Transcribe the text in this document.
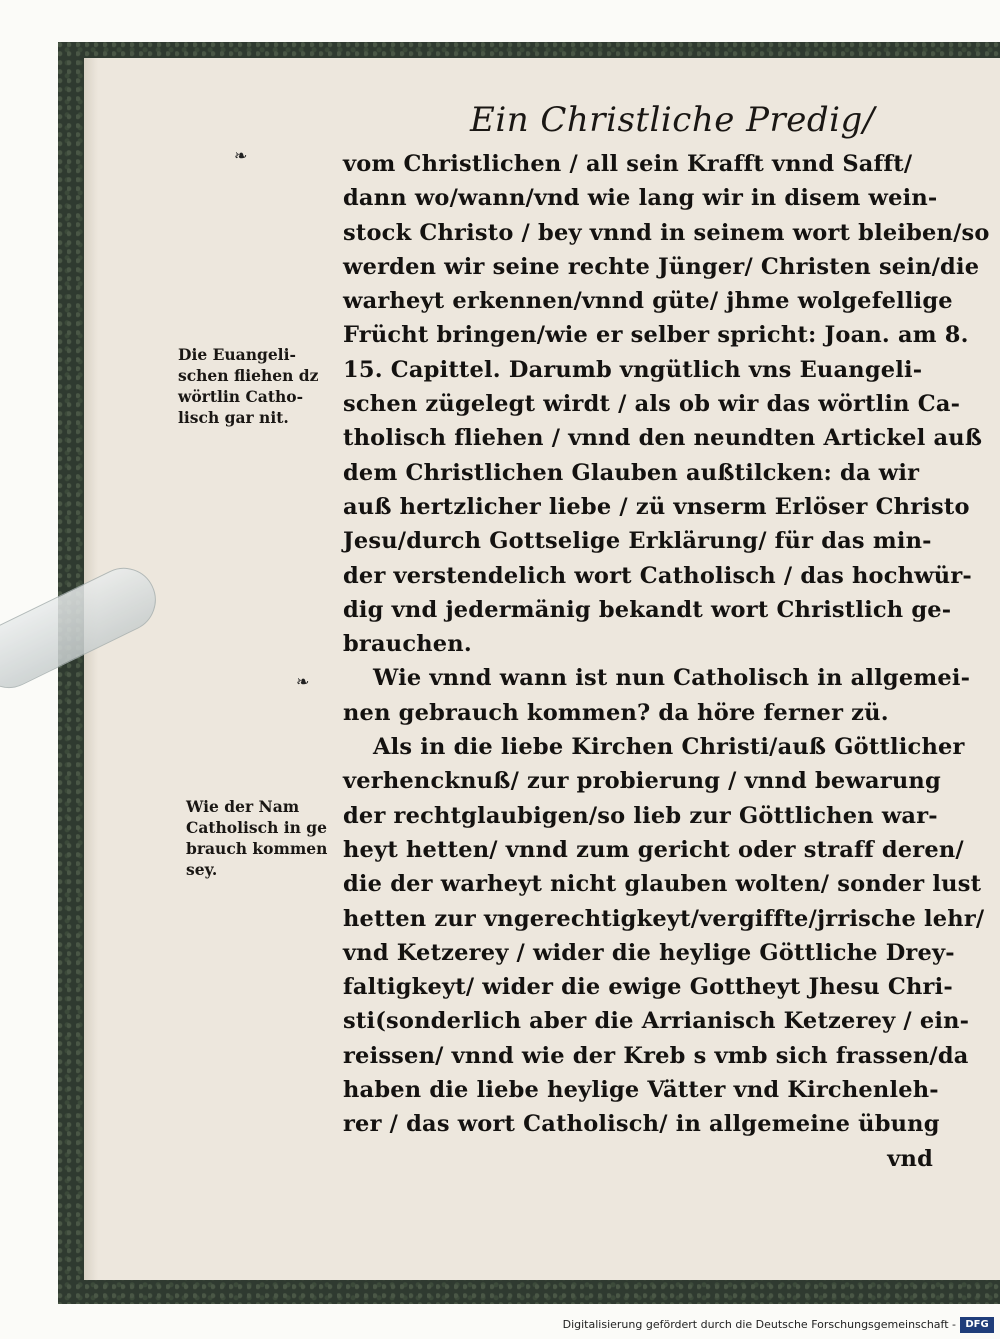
Ein Christliche Predig/
❧
❧
Die Euangeli-
schen fliehen dz
wörtlin Catho-
lisch gar nit.
Wie der Nam
Catholisch in ge
brauch kommen
sey.
vom Christlichen / all sein Krafft vnnd Safft/
dann wo/wann/vnd wie lang wir in disem wein-
stock Christo / bey vnnd in seinem wort bleiben/so
werden wir seine rechte Jünger/ Christen sein/die
warheyt erkennen/vnnd güte/ jhme wolgefellige
Frücht bringen/wie er selber spricht: Joan. am 8.
15. Capittel. Darumb vngütlich vns Euangeli-
schen zügelegt wirdt / als ob wir das wörtlin Ca-
tholisch fliehen / vnnd den neundten Artickel auß
dem Christlichen Glauben außtilcken: da wir
auß hertzlicher liebe / zü vnserm Erlöser Christo
Jesu/durch Gottselige Erklärung/ für das min-
der verstendelich wort Catholisch / das hochwür-
dig vnd jedermänig bekandt wort Christlich ge-
brauchen.
Wie vnnd wann ist nun Catholisch in allgemei-
nen gebrauch kommen? da höre ferner zü.
Als in die liebe Kirchen Christi/auß Göttlicher
verhencknuß/ zur probierung / vnnd bewarung
der rechtglaubigen/so lieb zur Göttlichen war-
heyt hetten/ vnnd zum gericht oder straff deren/
die der warheyt nicht glauben wolten/ sonder lust
hetten zur vngerechtigkeyt/vergiffte/jrrische lehr/
vnd Ketzerey / wider die heylige Göttliche Drey-
faltigkeyt/ wider die ewige Gottheyt Jhesu Chri-
sti(sonderlich aber die Arrianisch Ketzerey / ein-
reissen/ vnnd wie der Kreb s vmb sich frassen/da
haben die liebe heylige Vätter vnd Kirchenleh-
rer / das wort Catholisch/ in allgemeine übung
vnd
Digitalisierung gefördert durch die Deutsche Forschungsgemeinschaft - DFG
